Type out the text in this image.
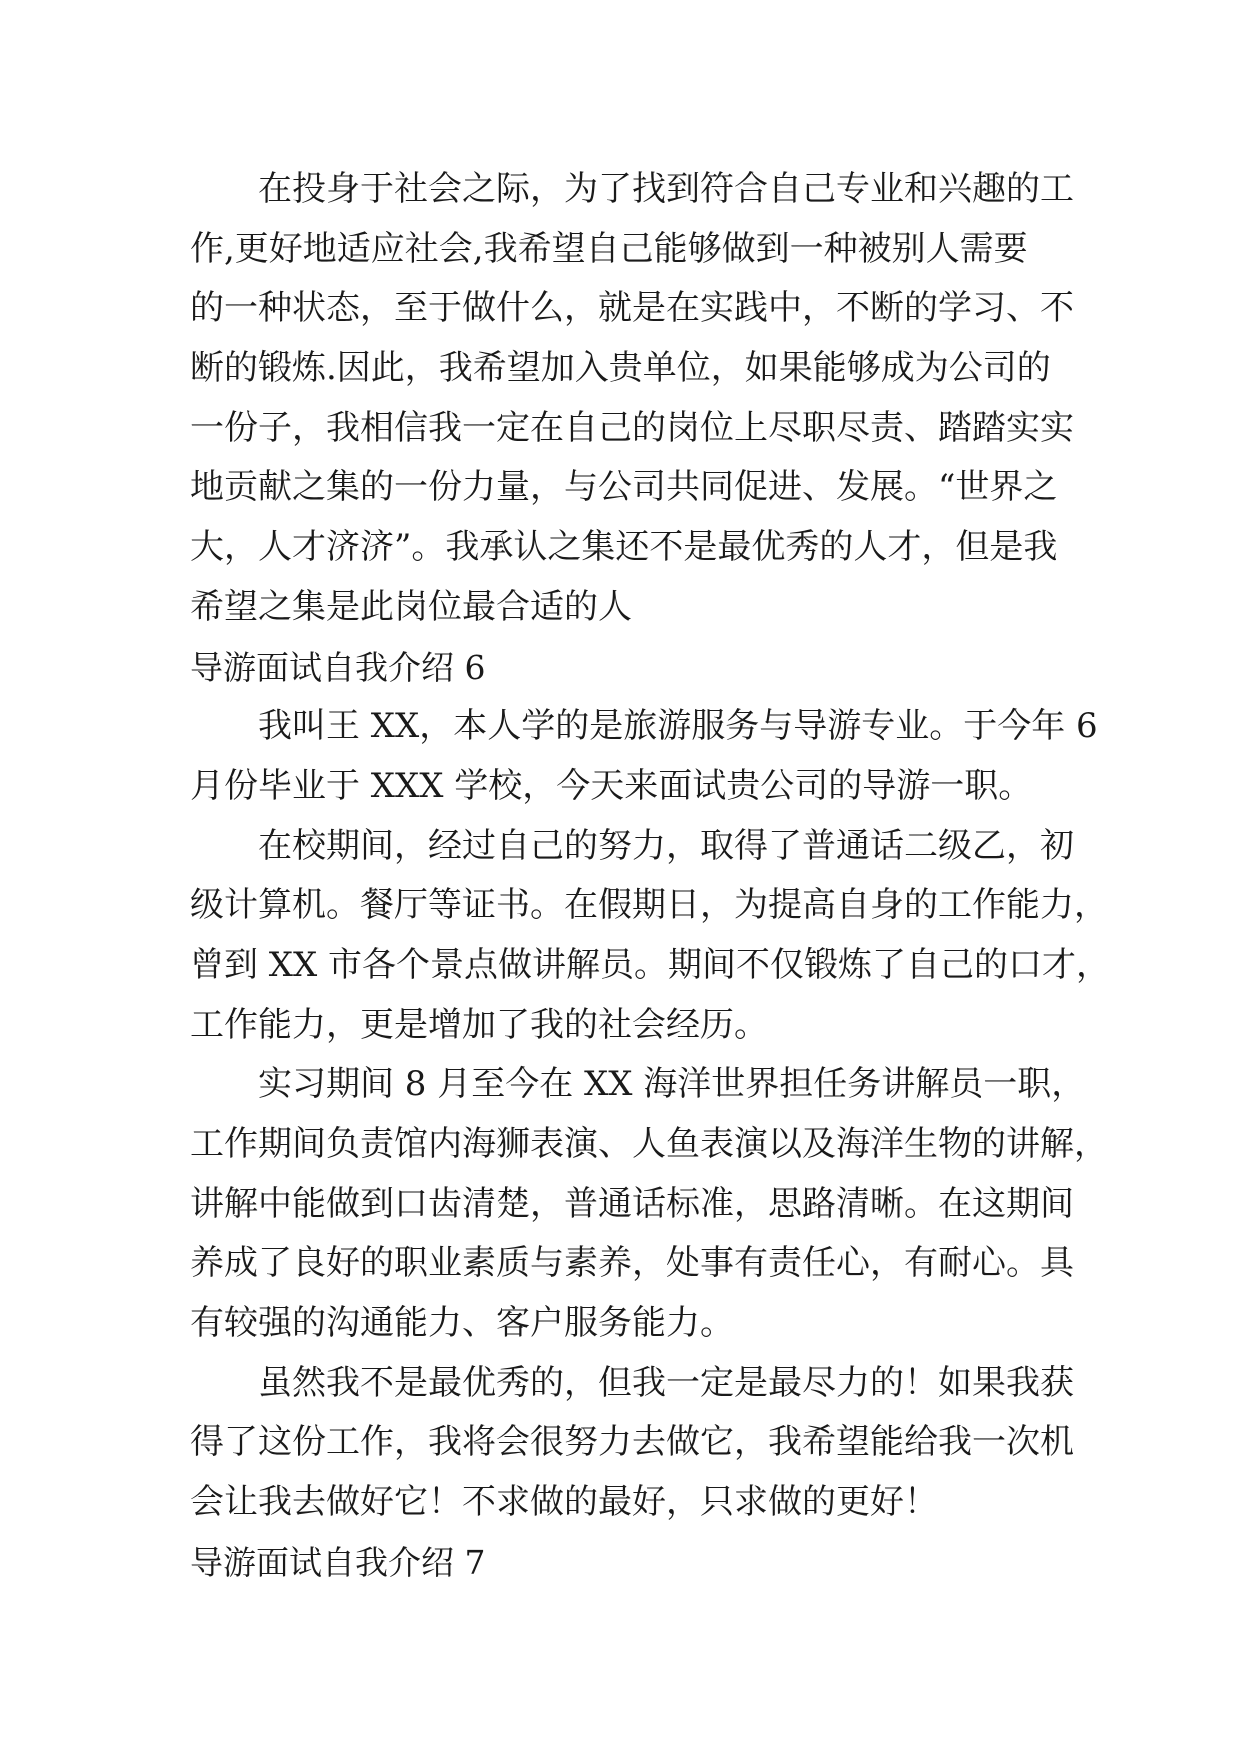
在投身于社会之际，为了找到符合自己专业和兴趣的工
作,更好地适应社会,我希望自己能够做到一种被别人需要
的一种状态，至于做什么，就是在实践中，不断的学习、不
断的锻炼.因此，我希望加入贵单位，如果能够成为公司的
一份子，我相信我一定在自己的岗位上尽职尽责、踏踏实实
地贡献之集的一份力量，与公司共同促进、发展。“世界之
大，人才济济”。我承认之集还不是最优秀的人才，但是我
希望之集是此岗位最合适的人
导游面试自我介绍 6
我叫王 XX，本人学的是旅游服务与导游专业。于今年 6
月份毕业于 XXX 学校，今天来面试贵公司的导游一职。
在校期间，经过自己的努力，取得了普通话二级乙，初
级计算机。餐厅等证书。在假期日，为提高自身的工作能力，
曾到 XX 市各个景点做讲解员。期间不仅锻炼了自己的口才，
工作能力，更是增加了我的社会经历。
实习期间 8 月至今在 XX 海洋世界担任务讲解员一职，
工作期间负责馆内海狮表演、人鱼表演以及海洋生物的讲解，
讲解中能做到口齿清楚，普通话标准，思路清晰。在这期间
养成了良好的职业素质与素养，处事有责任心，有耐心。具
有较强的沟通能力、客户服务能力。
虽然我不是最优秀的，但我一定是最尽力的！如果我获
得了这份工作，我将会很努力去做它，我希望能给我一次机
会让我去做好它！不求做的最好，只求做的更好！
导游面试自我介绍 7
